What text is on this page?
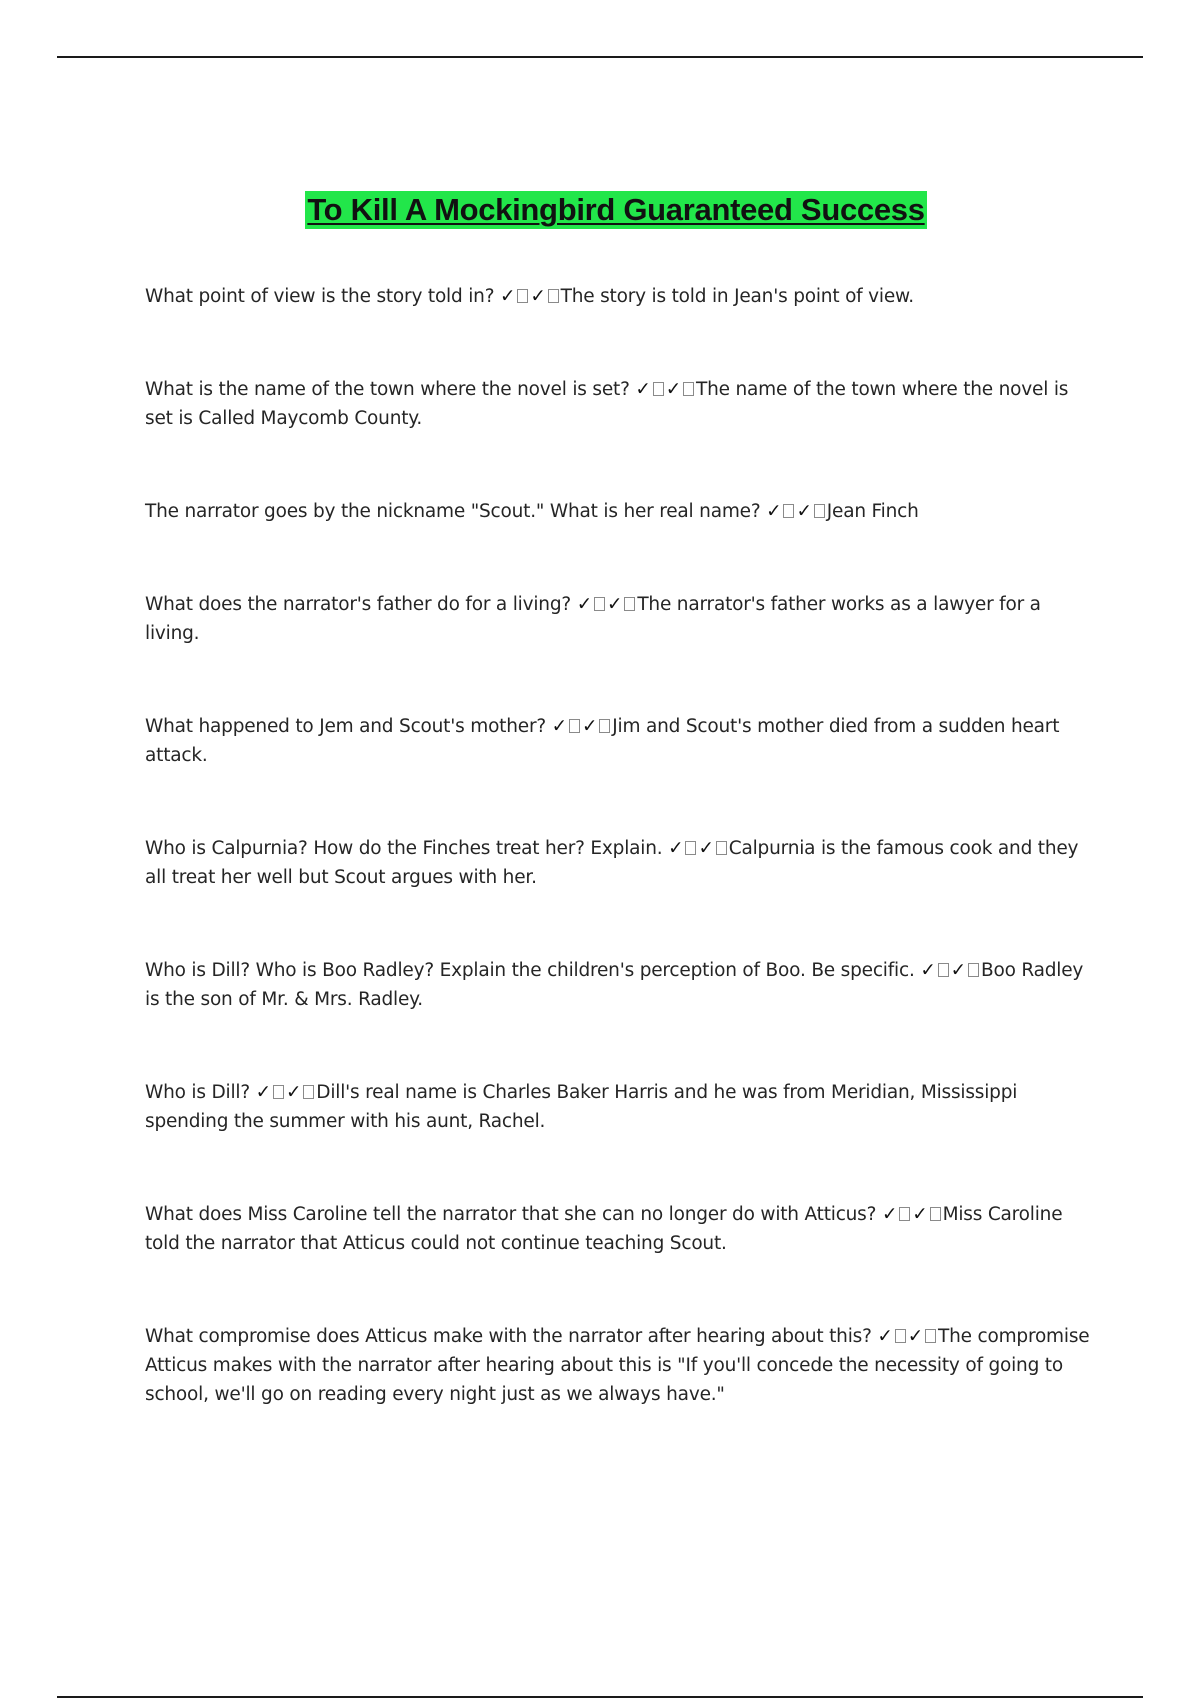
To Kill A Mockingbird Guaranteed Success

What point of view is the story told in? ✓ ✓ The story is told in Jean's point of view.

What is the name of the town where the novel is set? ✓ ✓ The name of the town where the novel is set is Called Maycomb County.

The narrator goes by the nickname "Scout." What is her real name? ✓ ✓ Jean Finch

What does the narrator's father do for a living? ✓ ✓ The narrator's father works as a lawyer for a living.

What happened to Jem and Scout's mother? ✓ ✓ Jim and Scout's mother died from a sudden heart attack.

Who is Calpurnia? How do the Finches treat her? Explain. ✓ ✓ Calpurnia is the famous cook and they all treat her well but Scout argues with her.

Who is Dill? Who is Boo Radley? Explain the children's perception of Boo. Be specific. ✓ ✓ Boo Radley is the son of Mr. & Mrs. Radley.

Who is Dill? ✓ ✓ Dill's real name is Charles Baker Harris and he was from Meridian, Mississippi spending the summer with his aunt, Rachel.

What does Miss Caroline tell the narrator that she can no longer do with Atticus? ✓ ✓ Miss Caroline told the narrator that Atticus could not continue teaching Scout.

What compromise does Atticus make with the narrator after hearing about this? ✓ ✓ The compromise Atticus makes with the narrator after hearing about this is "If you'll concede the necessity of going to school, we'll go on reading every night just as we always have."
